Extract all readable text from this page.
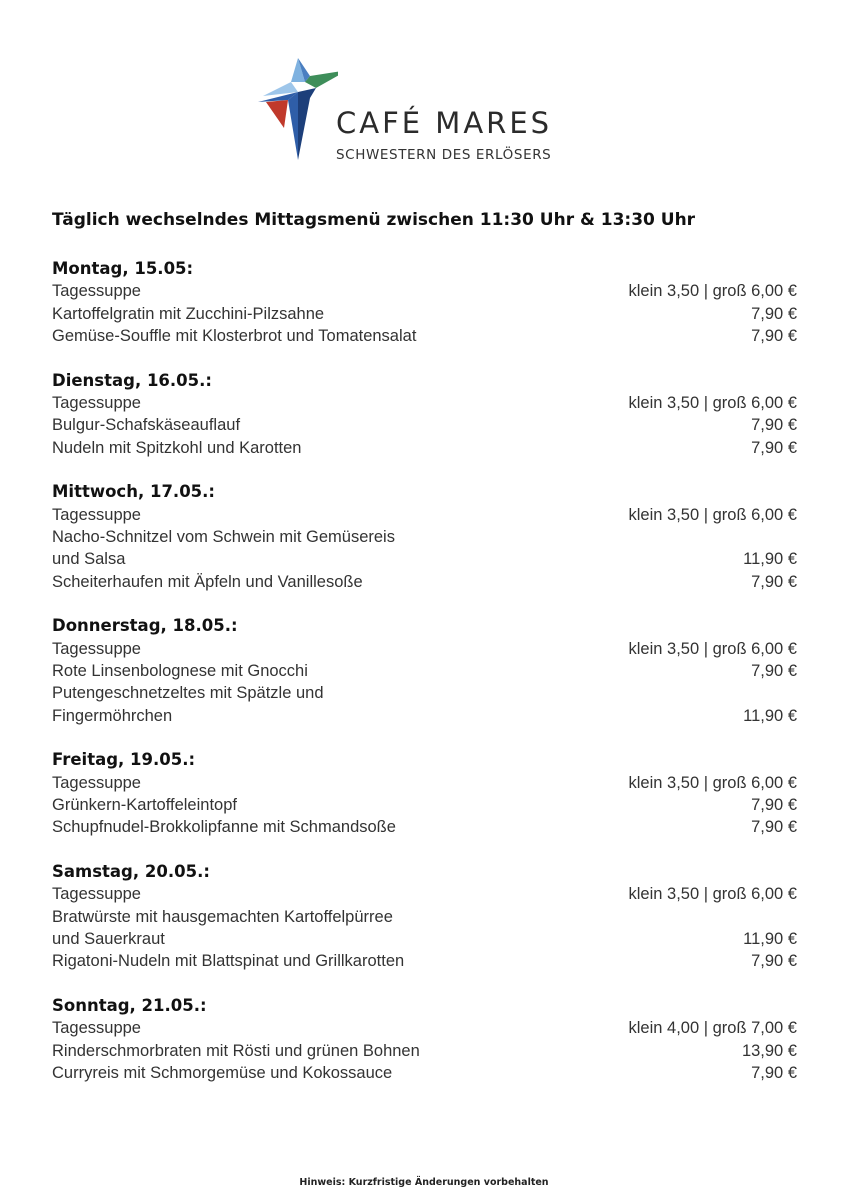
CAFÉ MARES
SCHWESTERN DES ERLÖSERS
Täglich wechselndes Mittagsmenü zwischen 11:30 Uhr & 13:30 Uhr
Montag, 15.05:
Tagessuppe	klein 3,50 | groß 6,00 €
Kartoffelgratin mit Zucchini-Pilzsahne	7,90 €
Gemüse-Souffle mit Klosterbrot und Tomatensalat	7,90 €
Dienstag, 16.05.:
Tagessuppe	klein 3,50 | groß 6,00 €
Bulgur-Schafskäseauflauf	7,90 €
Nudeln mit Spitzkohl und Karotten	7,90 €
Mittwoch, 17.05.:
Tagessuppe	klein 3,50 | groß 6,00 €
Nacho-Schnitzel vom Schwein mit Gemüsereis
und Salsa	11,90 €
Scheiterhaufen mit Äpfeln und Vanillesoße	7,90 €
Donnerstag, 18.05.:
Tagessuppe	klein 3,50 | groß 6,00 €
Rote Linsenbolognese mit Gnocchi	7,90 €
Putengeschnetzeltes mit Spätzle und
Fingermöhrchen	11,90 €
Freitag, 19.05.:
Tagessuppe	klein 3,50 | groß 6,00 €
Grünkern-Kartoffeleintopf	7,90 €
Schupfnudel-Brokkolipfanne mit Schmandsoße	7,90 €
Samstag, 20.05.:
Tagessuppe	klein 3,50 | groß 6,00 €
Bratwürste mit hausgemachten Kartoffelpürree
und Sauerkraut	11,90 €
Rigatoni-Nudeln mit Blattspinat und Grillkarotten	7,90 €
Sonntag, 21.05.:
Tagessuppe	klein 4,00 | groß 7,00 €
Rinderschmorbraten mit Rösti und grünen Bohnen	13,90 €
Curryreis mit Schmorgemüse und Kokossauce	7,90 €
Hinweis: Kurzfristige Änderungen vorbehalten
